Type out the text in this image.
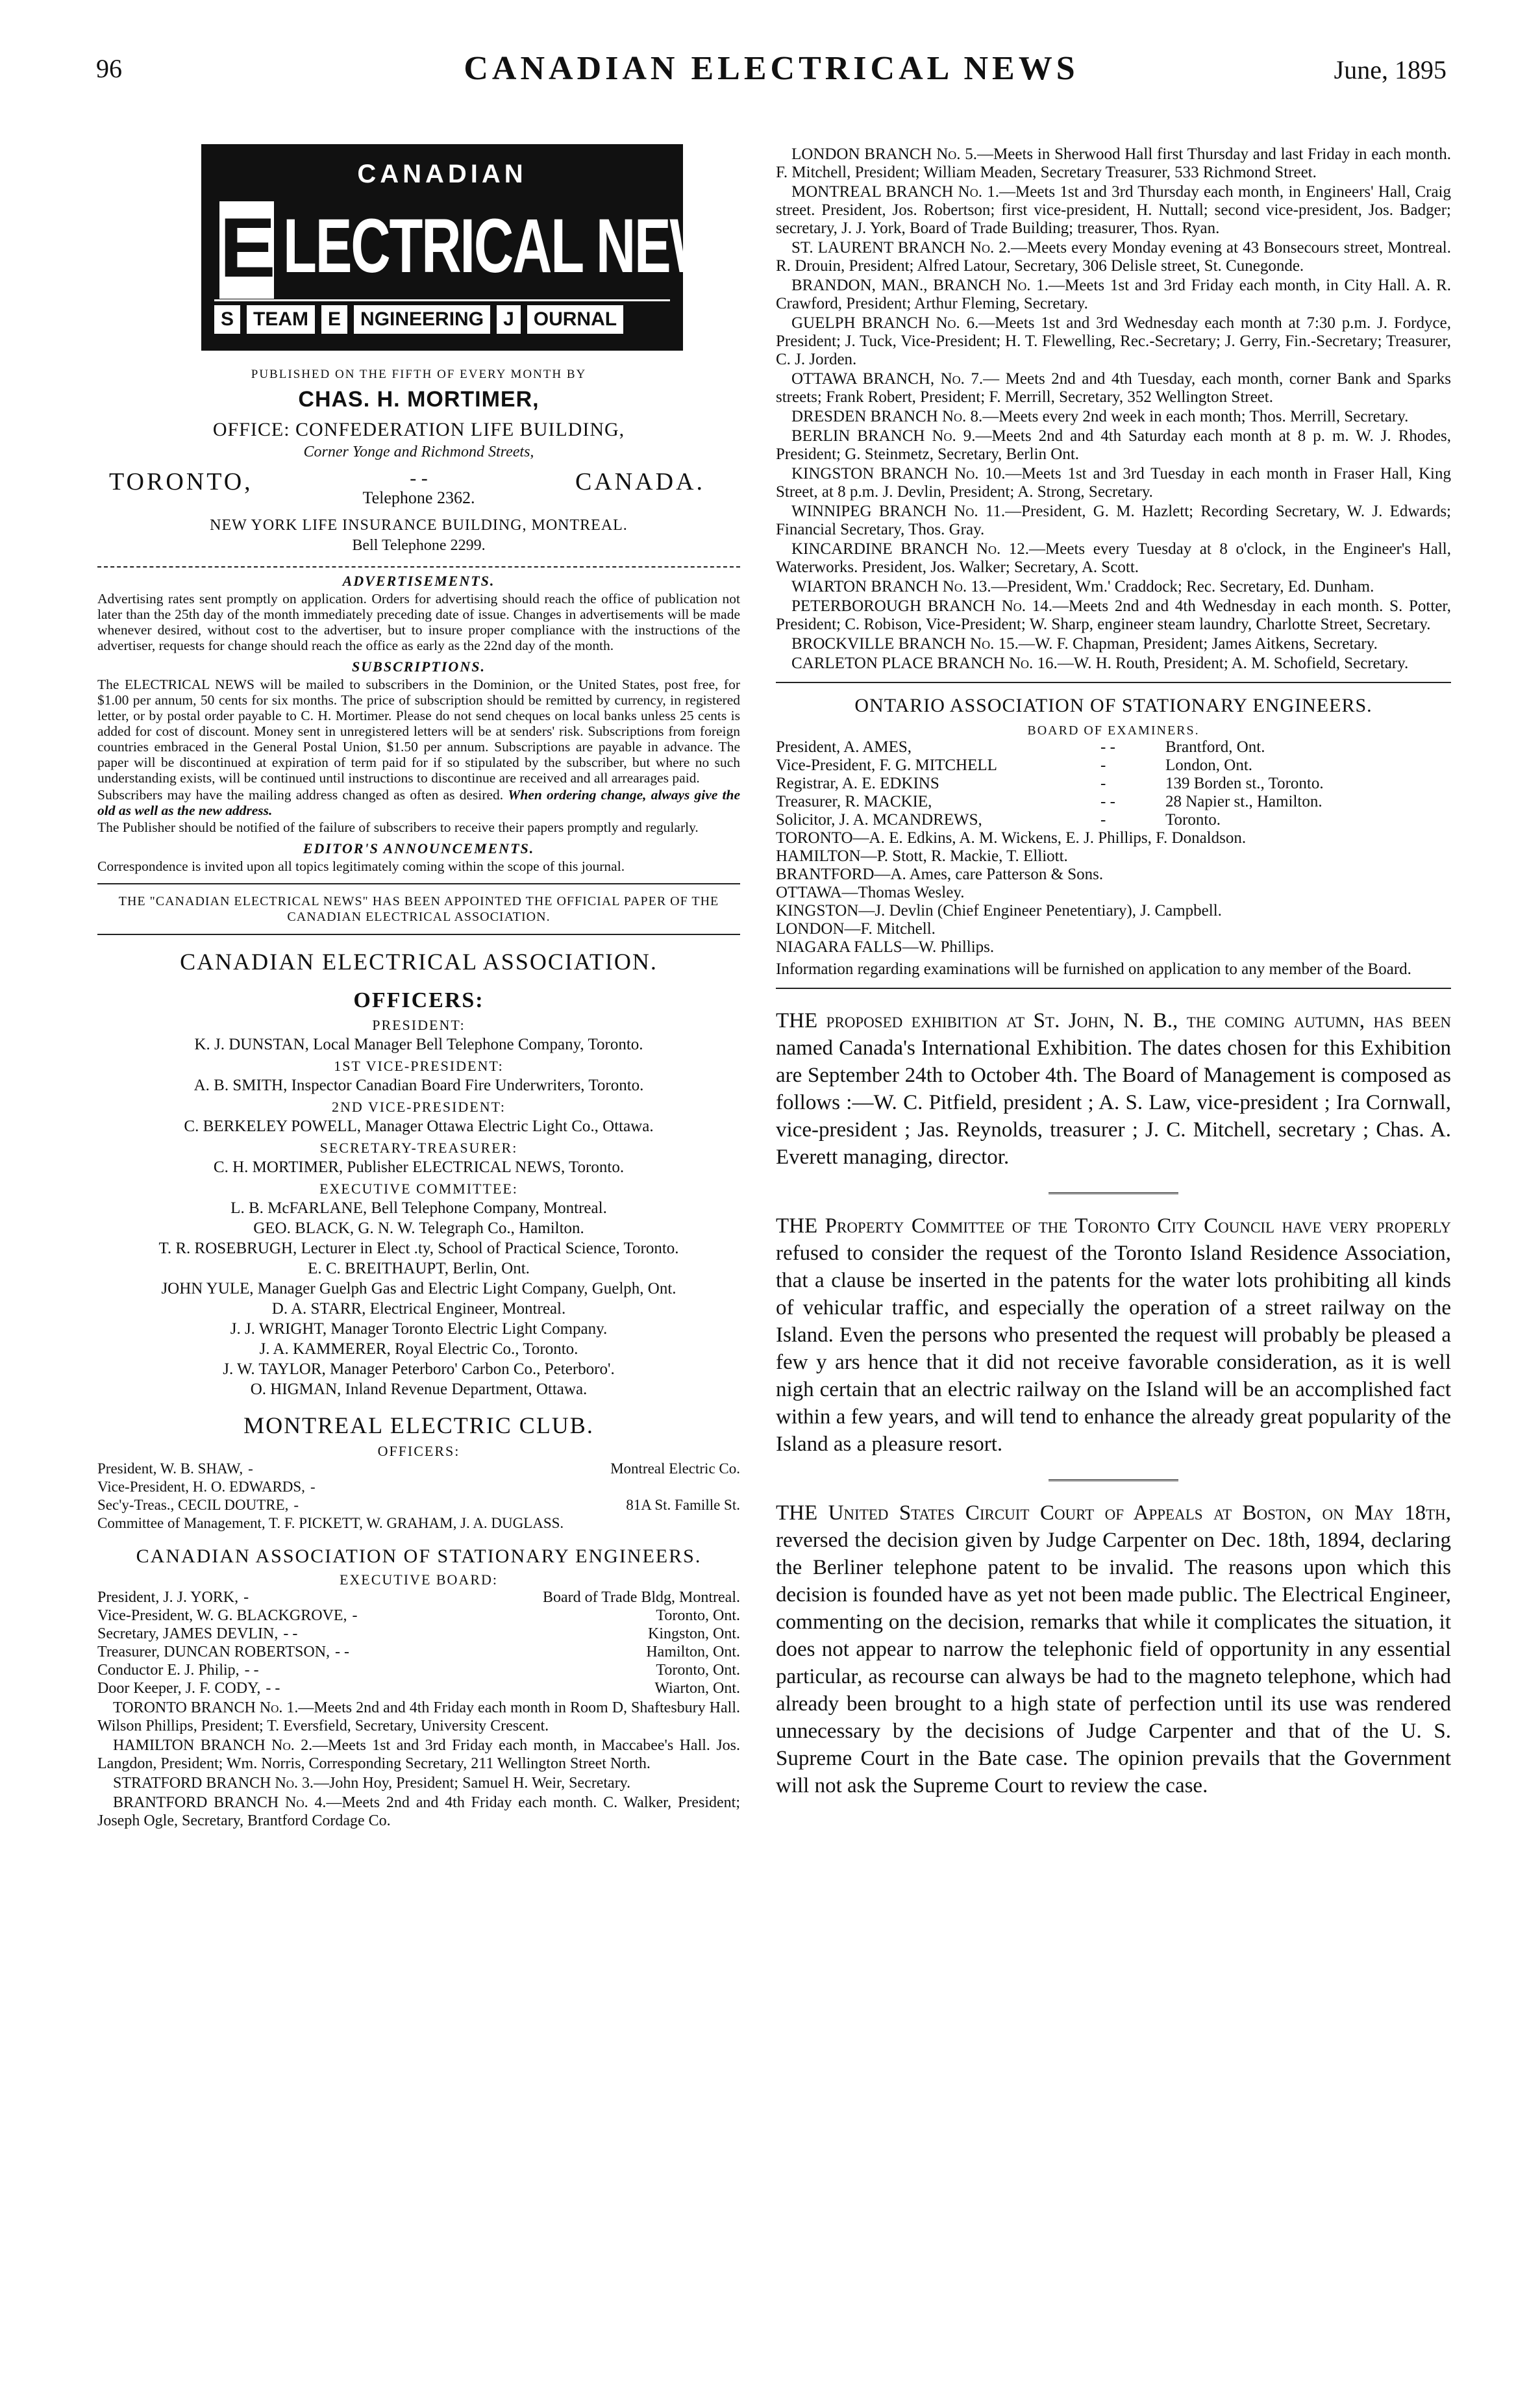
96	CANADIAN ELECTRICAL NEWS	June, 1895
CANADIAN
E LECTRICAL NEWS
S	TEAM	E	NGINEERING	J	OURNAL
PUBLISHED ON THE FIFTH OF EVERY MONTH BY
CHAS. H. MORTIMER,
OFFICE: CONFEDERATION LIFE BUILDING,
Corner Yonge and Richmond Streets,
TORONTO,
Telephone 2362.
CANADA.
- -
NEW YORK LIFE INSURANCE BUILDING, MONTREAL.
Bell Telephone 2299.
ADVERTISEMENTS.

Advertising rates sent promptly on application. Orders for advertising should reach the office of publication not later than the 25th day of the month immediately preceding date of issue. Changes in advertisements will be made whenever desired, without cost to the advertiser, but to insure proper compliance with the instructions of the advertiser, requests for change should reach the office as early as the 22nd day of the month.

SUBSCRIPTIONS.

The ELECTRICAL NEWS will be mailed to subscribers in the Dominion, or the United States, post free, for $1.00 per annum, 50 cents for six months. The price of subscription should be remitted by currency, in registered letter, or by postal order payable to C. H. Mortimer. Please do not send cheques on local banks unless 25 cents is added for cost of discount. Money sent in unregistered letters will be at senders' risk. Subscriptions from foreign countries embraced in the General Postal Union, $1.50 per annum. Subscriptions are payable in advance. The paper will be discontinued at expiration of term paid for if so stipulated by the subscriber, but where no such understanding exists, will be continued until instructions to discontinue are received and all arrearages paid.

Subscribers may have the mailing address changed as often as desired. When ordering change, always give the old as well as the new address.

The Publisher should be notified of the failure of subscribers to receive their papers promptly and regularly.

EDITOR'S ANNOUNCEMENTS.

Correspondence is invited upon all topics legitimately coming within the scope of this journal.

THE "CANADIAN ELECTRICAL NEWS" HAS BEEN APPOINTED THE OFFICIAL PAPER OF THE CANADIAN ELECTRICAL ASSOCIATION.
CANADIAN ELECTRICAL ASSOCIATION.
OFFICERS:
PRESIDENT:
K. J. DUNSTAN, Local Manager Bell Telephone Company, Toronto.
1ST VICE-PRESIDENT:
A. B. SMITH, Inspector Canadian Board Fire Underwriters, Toronto.
2ND VICE-PRESIDENT:
C. BERKELEY POWELL, Manager Ottawa Electric Light Co., Ottawa.
SECRETARY-TREASURER:
C. H. MORTIMER, Publisher ELECTRICAL NEWS, Toronto.
EXECUTIVE COMMITTEE:
L. B. McFARLANE, Bell Telephone Company, Montreal.
GEO. BLACK, G. N. W. Telegraph Co., Hamilton.
T. R. ROSEBRUGH, Lecturer in Elect .ty, School of Practical Science, Toronto.
E. C. BREITHAUPT, Berlin, Ont.
JOHN YULE, Manager Guelph Gas and Electric Light Company, Guelph, Ont.
D. A. STARR, Electrical Engineer, Montreal.
J. J. WRIGHT, Manager Toronto Electric Light Company.
J. A. KAMMERER, Royal Electric Co., Toronto.
J. W. TAYLOR, Manager Peterboro' Carbon Co., Peterboro'.
O. HIGMAN, Inland Revenue Department, Ottawa.
MONTREAL ELECTRIC CLUB.
OFFICERS:
President, W. B. SHAW, -	Montreal Electric Co.
Vice-President, H. O. EDWARDS, -
Sec'y-Treas., CECIL DOUTRE, -	81A St. Famille St.
Committee of Management, T. F. PICKETT, W. GRAHAM, J. A. DUGLASS.
CANADIAN ASSOCIATION OF STATIONARY ENGINEERS.
EXECUTIVE BOARD:
President, J. J. YORK, -	Board of Trade Bldg, Montreal.
Vice-President, W. G. BLACKGROVE, -	Toronto, Ont.
Secretary, JAMES DEVLIN, - -	Kingston, Ont.
Treasurer, DUNCAN ROBERTSON, - -	Hamilton, Ont.
Conductor E. J. Philip, - -	Toronto, Ont.
Door Keeper, J. F. CODY, - -	Wiarton, Ont.

TORONTO BRANCH No. 1.—Meets 2nd and 4th Friday each month in Room D, Shaftesbury Hall. Wilson Phillips, President; T. Eversfield, Secretary, University Crescent.

HAMILTON BRANCH No. 2.—Meets 1st and 3rd Friday each month, in Maccabee's Hall. Jos. Langdon, President; Wm. Norris, Corresponding Secretary, 211 Wellington Street North.

STRATFORD BRANCH No. 3.—John Hoy, President; Samuel H. Weir, Secretary.

BRANTFORD BRANCH No. 4.—Meets 2nd and 4th Friday each month. C. Walker, President; Joseph Ogle, Secretary, Brantford Cordage Co.

LONDON BRANCH No. 5.—Meets in Sherwood Hall first Thursday and last Friday in each month. F. Mitchell, President; William Meaden, Secretary Treasurer, 533 Richmond Street.

MONTREAL BRANCH No. 1.—Meets 1st and 3rd Thursday each month, in Engineers' Hall, Craig street. President, Jos. Robertson; first vice-president, H. Nuttall; second vice-president, Jos. Badger; secretary, J. J. York, Board of Trade Building; treasurer, Thos. Ryan.

ST. LAURENT BRANCH No. 2.—Meets every Monday evening at 43 Bonsecours street, Montreal. R. Drouin, President; Alfred Latour, Secretary, 306 Delisle street, St. Cunegonde.

BRANDON, MAN., BRANCH No. 1.—Meets 1st and 3rd Friday each month, in City Hall. A. R. Crawford, President; Arthur Fleming, Secretary.

GUELPH BRANCH No. 6.—Meets 1st and 3rd Wednesday each month at 7:30 p.m. J. Fordyce, President; J. Tuck, Vice-President; H. T. Flewelling, Rec.-Secretary; J. Gerry, Fin.-Secretary; Treasurer, C. J. Jorden.

OTTAWA BRANCH, No. 7.— Meets 2nd and 4th Tuesday, each month, corner Bank and Sparks streets; Frank Robert, President; F. Merrill, Secretary, 352 Wellington Street.

DRESDEN BRANCH No. 8.—Meets every 2nd week in each month; Thos. Merrill, Secretary.

BERLIN BRANCH No. 9.—Meets 2nd and 4th Saturday each month at 8 p. m. W. J. Rhodes, President; G. Steinmetz, Secretary, Berlin Ont.

KINGSTON BRANCH No. 10.—Meets 1st and 3rd Tuesday in each month in Fraser Hall, King Street, at 8 p.m. J. Devlin, President; A. Strong, Secretary.

WINNIPEG BRANCH No. 11.—President, G. M. Hazlett; Recording Secretary, W. J. Edwards; Financial Secretary, Thos. Gray.

KINCARDINE BRANCH No. 12.—Meets every Tuesday at 8 o'clock, in the Engineer's Hall, Waterworks. President, Jos. Walker; Secretary, A. Scott.

WIARTON BRANCH No. 13.—President, Wm.' Craddock; Rec. Secretary, Ed. Dunham.

PETERBOROUGH BRANCH No. 14.—Meets 2nd and 4th Wednesday in each month. S. Potter, President; C. Robison, Vice-President; W. Sharp, engineer steam laundry, Charlotte Street, Secretary.

BROCKVILLE BRANCH No. 15.—W. F. Chapman, President; James Aitkens, Secretary.

CARLETON PLACE BRANCH No. 16.—W. H. Routh, President; A. M. Schofield, Secretary.

ONTARIO ASSOCIATION OF STATIONARY ENGINEERS.
BOARD OF EXAMINERS.
President, A. AMES,	- -	Brantford, Ont.
Vice-President, F. G. MITCHELL	-	London, Ont.
Registrar, A. E. EDKINS	-	139 Borden st., Toronto.
Treasurer, R. MACKIE,	- -	28 Napier st., Hamilton.
Solicitor, J. A. MCANDREWS,	-	Toronto.
TORONTO—A. E. Edkins, A. M. Wickens, E. J. Phillips, F. Donaldson.
HAMILTON—P. Stott, R. Mackie, T. Elliott.
BRANTFORD—A. Ames, care Patterson & Sons.
OTTAWA—Thomas Wesley.
KINGSTON—J. Devlin (Chief Engineer Penetentiary), J. Campbell.
LONDON—F. Mitchell.
NIAGARA FALLS—W. Phillips.
Information regarding examinations will be furnished on application to any member of the Board.

THE proposed exhibition at St. John, N. B., the coming autumn, has been named Canada's International Exhibition. The dates chosen for this Exhibition are September 24th to October 4th. The Board of Management is composed as follows :—W. C. Pitfield, president ; A. S. Law, vice-president ; Ira Cornwall, vice-president ; Jas. Reynolds, treasurer ; J. C. Mitchell, secretary ; Chas. A. Everett managing, director.

THE Property Committee of the Toronto City Council have very properly refused to consider the request of the Toronto Island Residence Association, that a clause be inserted in the patents for the water lots prohibiting all kinds of vehicular traffic, and especially the operation of a street railway on the Island. Even the persons who presented the request will probably be pleased a few y ars hence that it did not receive favorable consideration, as it is well nigh certain that an electric railway on the Island will be an accomplished fact within a few years, and will tend to enhance the already great popularity of the Island as a pleasure resort.

THE United States Circuit Court of Appeals at Boston, on May 18th, reversed the decision given by Judge Carpenter on Dec. 18th, 1894, declaring the Berliner telephone patent to be invalid. The reasons upon which this decision is founded have as yet not been made public. The Electrical Engineer, commenting on the decision, remarks that while it complicates the situation, it does not appear to narrow the telephonic field of opportunity in any essential particular, as recourse can always be had to the magneto telephone, which had already been brought to a high state of perfection until its use was rendered unnecessary by the decisions of Judge Carpenter and that of the U. S. Supreme Court in the Bate case. The opinion prevails that the Government will not ask the Supreme Court to review the case.
